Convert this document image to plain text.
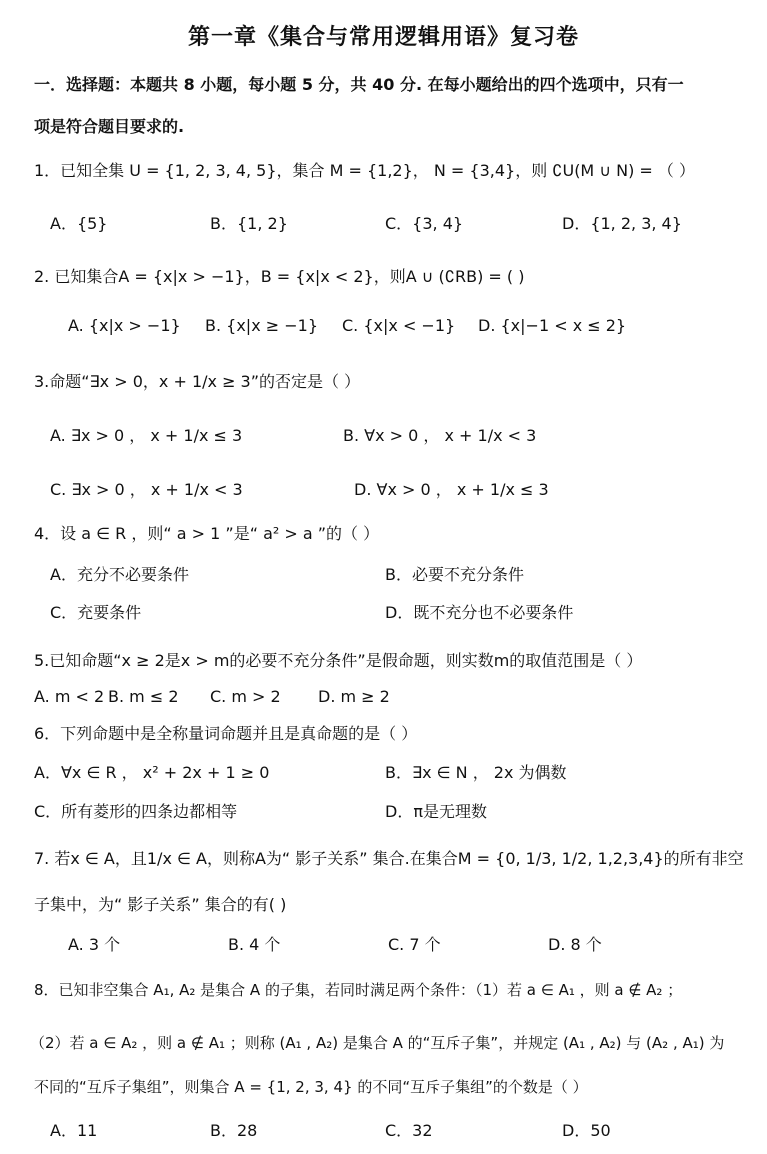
第一章《集合与常用逻辑用语》复习卷
一．选择题：本题共 8 小题，每小题 5 分，共 40 分. 在每小题给出的四个选项中，只有一
项是符合题目要求的.
1．已知全集 U = {1, 2, 3, 4, 5}，集合 M = {1,2}， N = {3,4}，则 ∁U(M ∪ N) = （ ）
A．{5}	B．{1, 2}	C．{3, 4}	D．{1, 2, 3, 4}
2. 已知集合A = {x|x > −1}，B = {x|x < 2}，则A ∪ (∁RB) = ( )
A. {x|x > −1} B. {x|x ≥ −1} C. {x|x < −1} D. {x|−1 < x ≤ 2}
3.命题“∃x > 0，x + 1/x ≥ 3”的否定是（ ）
A. ∃x > 0 ， x + 1/x ≤ 3	B. ∀x > 0 ， x + 1/x < 3
C. ∃x > 0 ， x + 1/x < 3	D. ∀x > 0 ， x + 1/x ≤ 3
4．设 a ∈ R ，则“ a > 1 ”是“ a² > a ”的（ ）
A．充分不必要条件	B．必要不充分条件
C．充要条件	D．既不充分也不必要条件
5.已知命题“x ≥ 2是x > m的必要不充分条件”是假命题，则实数m的取值范围是（ ）
A. m < 2 B. m ≤ 2 C. m > 2 D. m ≥ 2
6．下列命题中是全称量词命题并且是真命题的是（ ）
A．∀x ∈ R ， x² + 2x + 1 ≥ 0	B．∃x ∈ N ， 2x 为偶数
C．所有菱形的四条边都相等	D．π是无理数
7. 若x ∈ A，且1/x ∈ A，则称A为“ 影子关系” 集合.在集合M = {0, 1/3, 1/2, 1,2,3,4}的所有非空
子集中，为“ 影子关系” 集合的有( )
A. 3 个	B. 4 个	C. 7 个	D. 8 个
8．已知非空集合 A₁, A₂ 是集合 A 的子集，若同时满足两个条件：（1）若 a ∈ A₁ ，则 a ∉ A₂ ；
（2）若 a ∈ A₂ ，则 a ∉ A₁ ；则称 (A₁ , A₂) 是集合 A 的“互斥子集”，并规定 (A₁ , A₂) 与 (A₂ , A₁) 为
不同的“互斥子集组”，则集合 A = {1, 2, 3, 4} 的不同“互斥子集组”的个数是（ ）
A．11	B．28	C．32	D．50
